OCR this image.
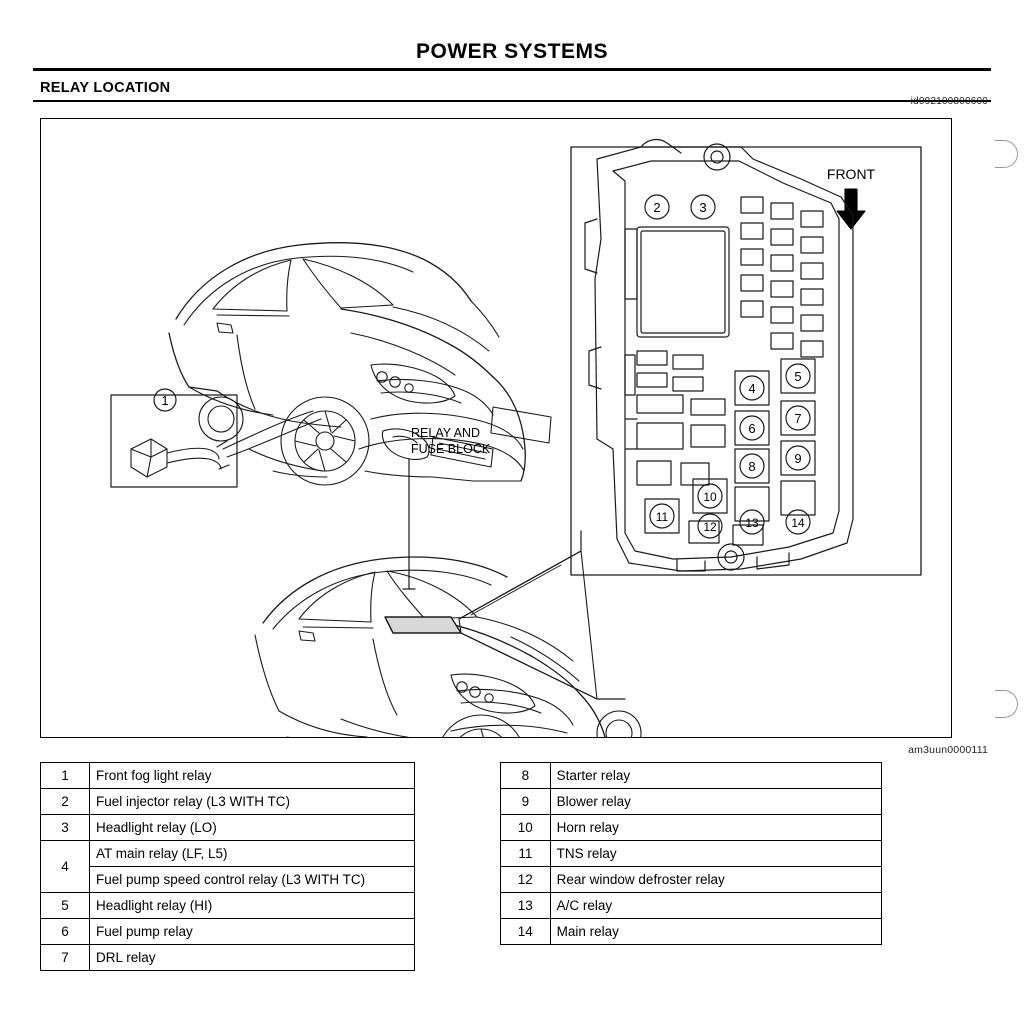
POWER SYSTEMS
RELAY LOCATION
id092100800600
am3uun0000111
1
RELAY AND
FUSE BLOCK
FRONT
2	3
4
5
6
7
8
9
10
11
12 13	14
1	Front fog light relay
2	Fuel injector relay (L3 WITH TC)
3	Headlight relay (LO)
4	AT main relay (LF, L5)
	Fuel pump speed control relay (L3 WITH TC)
5	Headlight relay (HI)
6	Fuel pump relay
7	DRL relay
8	Starter relay
9	Blower relay
10	Horn relay
11	TNS relay
12	Rear window defroster relay
13	A/C relay
14	Main relay
